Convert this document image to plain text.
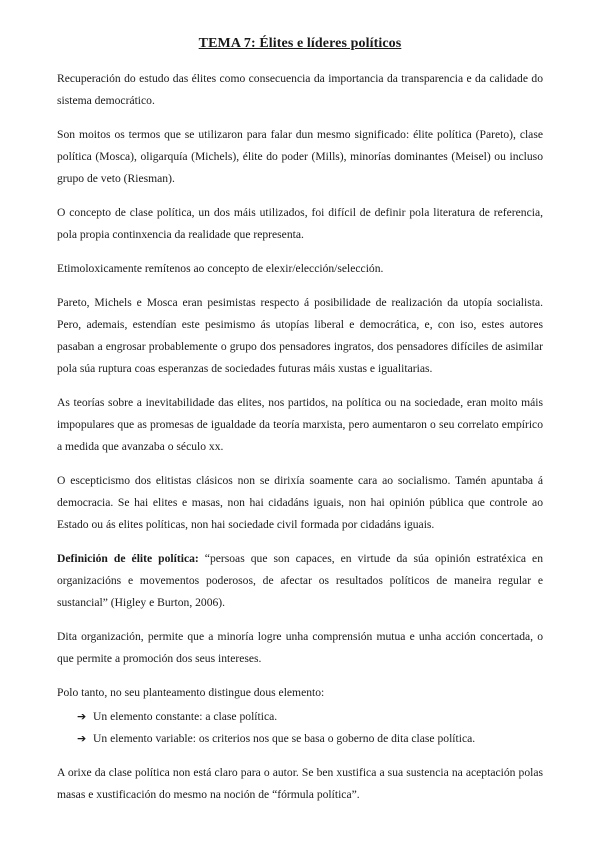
TEMA 7: Élites e líderes políticos

Recuperación do estudo das élites como consecuencia da importancia da transparencia e da calidade do sistema democrático.

Son moitos os termos que se utilizaron para falar dun mesmo significado: élite política (Pareto), clase política (Mosca), oligarquía (Michels), élite do poder (Mills), minorías dominantes (Meisel) ou incluso grupo de veto (Riesman).

O concepto de clase política, un dos máis utilizados, foi difícil de definir pola literatura de referencia, pola propia continxencia da realidade que representa.

Etimoloxicamente remítenos ao concepto de elexir/elección/selección.

Pareto, Michels e Mosca eran pesimistas respecto á posibilidade de realización da utopía socialista. Pero, ademais, estendían este pesimismo ás utopías liberal e democrática, e, con iso, estes autores pasaban a engrosar probablemente o grupo dos pensadores ingratos, dos pensadores difíciles de asimilar pola súa ruptura coas esperanzas de sociedades futuras máis xustas e igualitarias.

As teorías sobre a inevitabilidade das elites, nos partidos, na política ou na sociedade, eran moito máis impopulares que as promesas de igualdade da teoría marxista, pero aumentaron o seu correlato empírico a medida que avanzaba o século xx.

O escepticismo dos elitistas clásicos non se dirixía soamente cara ao socialismo. Tamén apuntaba á democracia. Se hai elites e masas, non hai cidadáns iguais, non hai opinión pública que controle ao Estado ou ás elites políticas, non hai sociedade civil formada por cidadáns iguais.

Definición de élite política: “persoas que son capaces, en virtude da súa opinión estratéxica en organizacións e movementos poderosos, de afectar os resultados políticos de maneira regular e sustancial” (Higley e Burton, 2006).

Dita organización, permite que a minoría logre unha comprensión mutua e unha acción concertada, o que permite a promoción dos seus intereses.

Polo tanto, no seu planteamento distingue dous elemento:

➔ Un elemento constante: a clase política.
➔ Un elemento variable: os criterios nos que se basa o goberno de dita clase política.

A orixe da clase política non está claro para o autor. Se ben xustifica a sua sustencia na aceptación polas masas e xustificación do mesmo na noción de “fórmula política”.
